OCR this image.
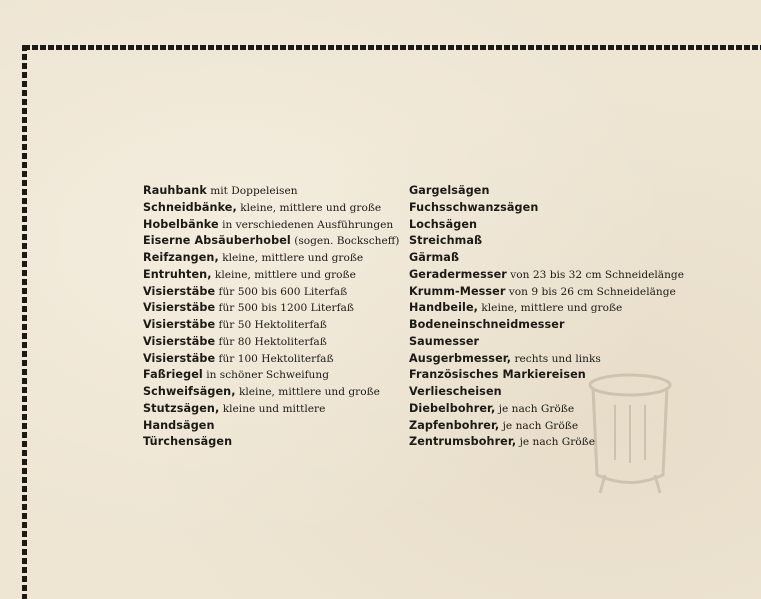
Rauhbank mit Doppeleisen
Schneidbänke, kleine, mittlere und große
Hobelbänke in verschiedenen Ausführungen
Eiserne Absäuberhobel (sogen. Bockscheff)
Reifzangen, kleine, mittlere und große
Entruhten, kleine, mittlere und große
Visierstäbe für 500 bis 600 Literfaß
Visierstäbe für 500 bis 1200 Literfaß
Visierstäbe für 50 Hektoliterfaß
Visierstäbe für 80 Hektoliterfaß
Visierstäbe für 100 Hektoliterfaß
Faßriegel in schöner Schweifung
Schweifsägen, kleine, mittlere und große
Stutzsägen, kleine und mittlere
Handsägen
Türchensägen
Gargelsägen
Fuchsschwanzsägen
Lochsägen
Streichmaß
Gärmaß
Geradermesser von 23 bis 32 cm Schneidelänge
Krumm-Messer von 9 bis 26 cm Schneidelänge
Handbeile, kleine, mittlere und große
Bodeneinschneidmesser
Saumesser
Ausgerbmesser, rechts und links
Französisches Markiereisen
Verliescheisen
Diebelbohrer, je nach Größe
Zapfenbohrer, je nach Größe
Zentrumsbohrer, je nach Größe
